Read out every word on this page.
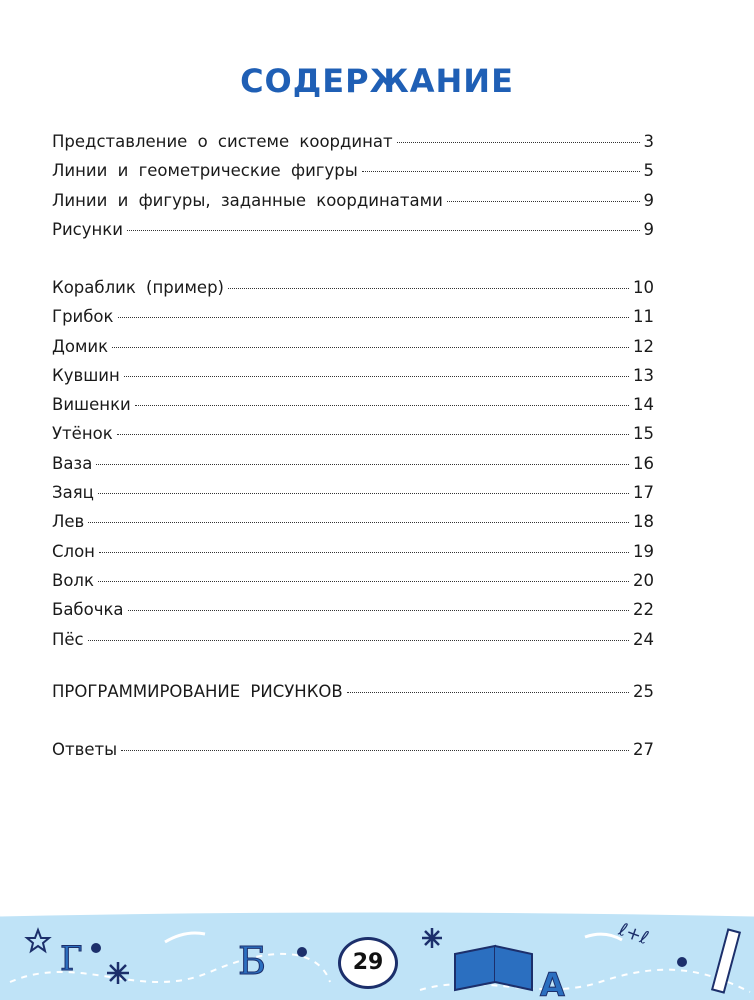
СОДЕРЖАНИЕ
Представление о системе координат	3
Линии и геометрические фигуры	5
Линии и фигуры, заданные координатами	9
Рисунки	9
Кораблик (пример)	10
Грибок	11
Домик	12
Кувшин	13
Вишенки	14
Утёнок	15
Ваза	16
Заяц	17
Лев	18
Слон	19
Волк	20
Бабочка	22
Пёс	24
ПРОГРАММИРОВАНИЕ РИСУНКОВ	25
Ответы	27
Г	Б
А
ℓ+ℓ
29
